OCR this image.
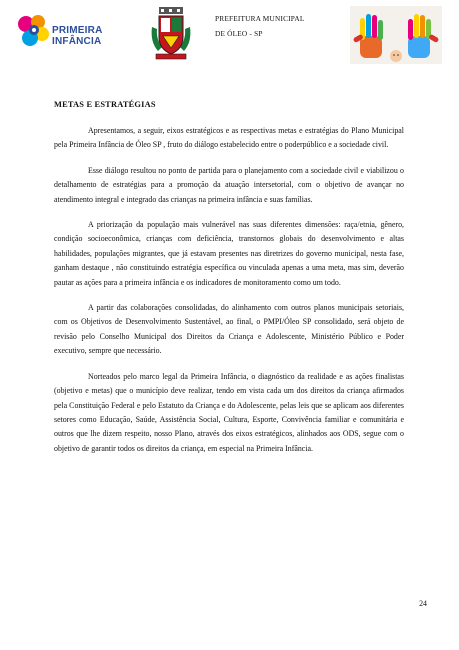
PRIMEIRA
INFÂNCIA
PREFEITURA MUNICIPAL
DE ÓLEO - SP
METAS E ESTRATÉGIAS

Apresentamos, a seguir, eixos estratégicos e as respectivas metas e estratégias do Plano Municipal pela Primeira Infância de Óleo SP , fruto do diálogo estabelecido entre o poderpúblico e a sociedade civil.

Esse diálogo resultou no ponto de partida para o planejamento com a sociedade civil e viabilizou o detalhamento de estratégias para a promoção da atuação intersetorial, com o objetivo de avançar no atendimento integral e integrado das crianças na primeira infância e suas famílias.

A priorização da população mais vulnerável nas suas diferentes dimensões: raça/etnia, gênero, condição socioeconômica, crianças com deficiência, transtornos globais do desenvolvimento e altas habilidades, populações migrantes, que já estavam presentes nas diretrizes do governo municipal, nesta fase, ganham destaque , não constituindo estratégia específica ou vinculada apenas a uma meta, mas sim, deverão pautar as ações para a primeira infância e os indicadores de monitoramento como um todo.

A partir das colaborações consolidadas, do alinhamento com outros planos municipais setoriais, com os Objetivos de Desenvolvimento Sustentável, ao final, o PMPI/Óleo SP consolidado, será objeto de revisão pelo Conselho Municipal dos Direitos da Criança e Adolescente, Ministério Público e Poder executivo, sempre que necessário.

Norteados pelo marco legal da Primeira Infância, o diagnóstico da realidade e as ações finalistas (objetivo e metas) que o município deve realizar, tendo em vista cada um dos direitos da criança afirmados pela Constituição Federal e pelo Estatuto da Criança e do Adolescente, pelas leis que se aplicam aos diferentes setores como Educação, Saúde, Assistência Social, Cultura, Esporte, Convivência familiar e comunitária e outros que lhe dizem respeito, nosso Plano, através dos eixos estratégicos, alinhados aos ODS, segue com o objetivo de garantir todos os direitos da criança, em especial na Primeira Infância.

24
